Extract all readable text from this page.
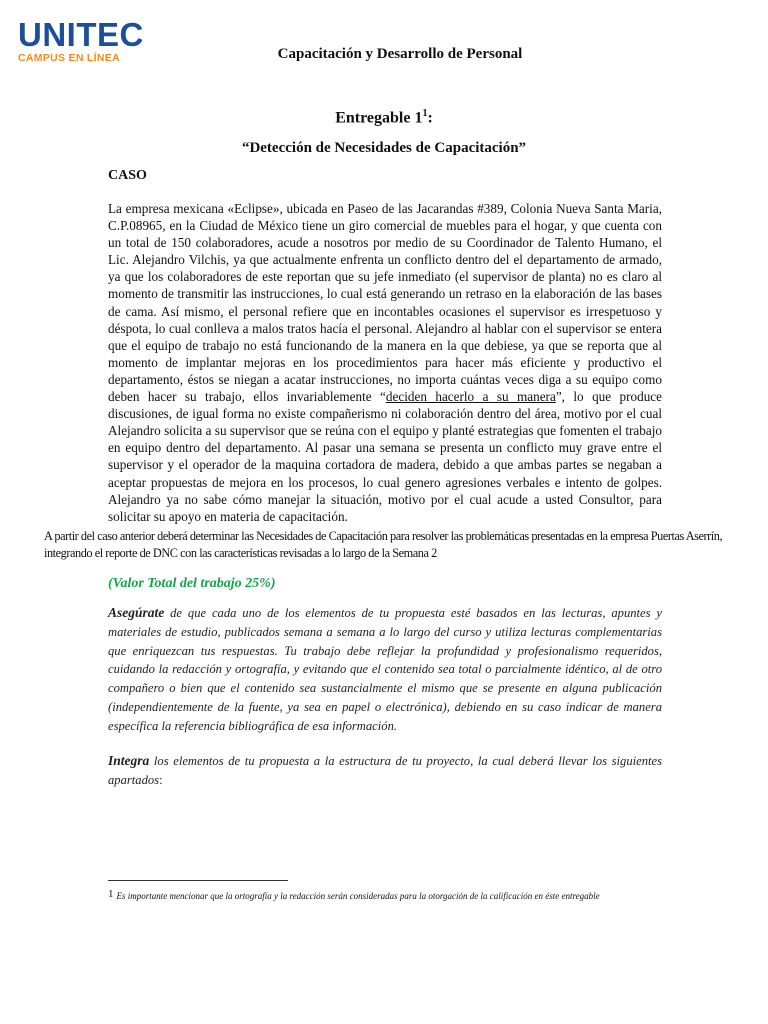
UNITEC
CAMPUS EN LÍNEA	Capacitación y Desarrollo de Personal
Entregable $1^1$:
“Detección de Necesidades de Capacitación”
CASO

La empresa mexicana «Eclipse», ubicada en Paseo de las Jacarandas #389, Colonia Nueva Santa Maria, C.P.08965, en la Ciudad de México tiene un giro comercial de muebles para el hogar, y que cuenta con un total de 150 colaboradores, acude a nosotros por medio de su Coordinador de Talento Humano, el Lic. Alejandro Vilchis, ya que actualmente enfrenta un conflicto dentro del el departamento de armado, ya que los colaboradores de este reportan que su jefe inmediato (el supervisor de planta) no es claro al momento de transmitir las instrucciones, lo cual está generando un retraso en la elaboración de las bases de cama. Así mismo, el personal refiere que en incontables ocasiones el supervisor es irrespetuoso y déspota, lo cual conlleva a malos tratos hacía el personal. Alejandro al hablar con el supervisor se entera que el equipo de trabajo no está funcionando de la manera en la que debiese, ya que se reporta que al momento de implantar mejoras en los procedimientos para hacer más eficiente y productivo el departamento, éstos se niegan a acatar instrucciones, no importa cuántas veces diga a su equipo como deben hacer su trabajo, ellos invariablemente “deciden hacerlo a su manera”, lo que produce discusiones, de igual forma no existe compañerismo ni colaboración dentro del área, motivo por el cual Alejandro solicita a su supervisor que se reúna con el equipo y planté estrategias que fomenten el trabajo en equipo dentro del departamento. Al pasar una semana se presenta un conflicto muy grave entre el supervisor y el operador de la maquina cortadora de madera, debido a que ambas partes se negaban a aceptar propuestas de mejora en los procesos, lo cual genero agresiones verbales e intento de golpes. Alejandro ya no sabe cómo manejar la situación, motivo por el cual acude a usted Consultor, para solicitar su apoyo en materia de capacitación.

A partir del caso anterior deberá determinar las Necesidades de Capacitación para resolver las problemáticas presentadas en la empresa Puertas Aserrín, integrando el reporte de DNC con las características revisadas a lo largo de la Semana 2

(Valor Total del trabajo 25%)

Asegúrate de que cada uno de los elementos de tu propuesta esté basados en las lecturas, apuntes y materiales de estudio, publicados semana a semana a lo largo del curso y utiliza lecturas complementarias que enriquezcan tus respuestas. Tu trabajo debe reflejar la profundidad y profesionalismo requeridos, cuidando la redacción y ortografía, y evitando que el contenido sea total o parcialmente idéntico, al de otro compañero o bien que el contenido sea sustancialmente el mismo que se presente en alguna publicación (independientemente de la fuente, ya sea en papel o electrónica), debiendo en su caso indicar de manera específica la referencia bibliográfica de esa información.

Integra los elementos de tu propuesta a la estructura de tu proyecto, la cual deberá llevar los siguientes apartados:

1 Es importante mencionar que la ortografía y la redacción serán consideradas para la otorgación de la calificación en éste entregable
